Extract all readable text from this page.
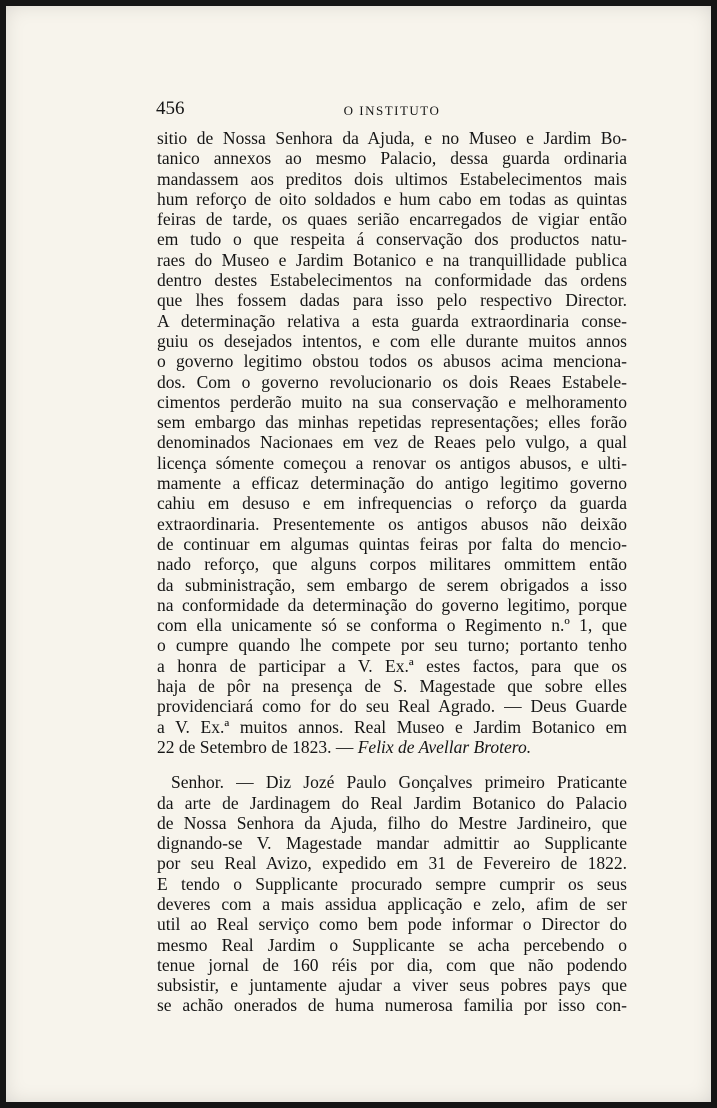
456	O INSTITUTO
sitio de Nossa Senhora da Ajuda, e no Museo e Jardim Bo-
tanico annexos ao mesmo Palacio, dessa guarda ordinaria
mandassem aos preditos dois ultimos Estabelecimentos mais
hum reforço de oito soldados e hum cabo em todas as quintas
feiras de tarde, os quaes serião encarregados de vigiar então
em tudo o que respeita á conservação dos productos natu-
raes do Museo e Jardim Botanico e na tranquillidade publica
dentro destes Estabelecimentos na conformidade das ordens
que lhes fossem dadas para isso pelo respectivo Director.
A determinação relativa a esta guarda extraordinaria conse-
guiu os desejados intentos, e com elle durante muitos annos
o governo legitimo obstou todos os abusos acima menciona-
dos. Com o governo revolucionario os dois Reaes Estabele-
cimentos perderão muito na sua conservação e melhoramento
sem embargo das minhas repetidas representações; elles forão
denominados Nacionaes em vez de Reaes pelo vulgo, a qual
licença sómente começou a renovar os antigos abusos, e ulti-
mamente a efficaz determinação do antigo legitimo governo
cahiu em desuso e em infrequencias o reforço da guarda
extraordinaria. Presentemente os antigos abusos não deixão
de continuar em algumas quintas feiras por falta do mencio-
nado reforço, que alguns corpos militares ommittem então
da subministração, sem embargo de serem obrigados a isso
na conformidade da determinação do governo legitimo, porque
com ella unicamente só se conforma o Regimento n.º 1, que
o cumpre quando lhe compete por seu turno; portanto tenho
a honra de participar a V. Ex.ª estes factos, para que os
haja de pôr na presença de S. Magestade que sobre elles
providenciará como for do seu Real Agrado. — Deus Guarde
a V. Ex.ª muitos annos. Real Museo e Jardim Botanico em
22 de Setembro de 1823. — Felix de Avellar Brotero.
Senhor. — Diz Jozé Paulo Gonçalves primeiro Praticante
da arte de Jardinagem do Real Jardim Botanico do Palacio
de Nossa Senhora da Ajuda, filho do Mestre Jardineiro, que
dignando-se V. Magestade mandar admittir ao Supplicante
por seu Real Avizo, expedido em 31 de Fevereiro de 1822.
E tendo o Supplicante procurado sempre cumprir os seus
deveres com a mais assidua applicação e zelo, afim de ser
util ao Real serviço como bem pode informar o Director do
mesmo Real Jardim o Supplicante se acha percebendo o
tenue jornal de 160 réis por dia, com que não podendo
subsistir, e juntamente ajudar a viver seus pobres pays que
se achão onerados de huma numerosa familia por isso con-
